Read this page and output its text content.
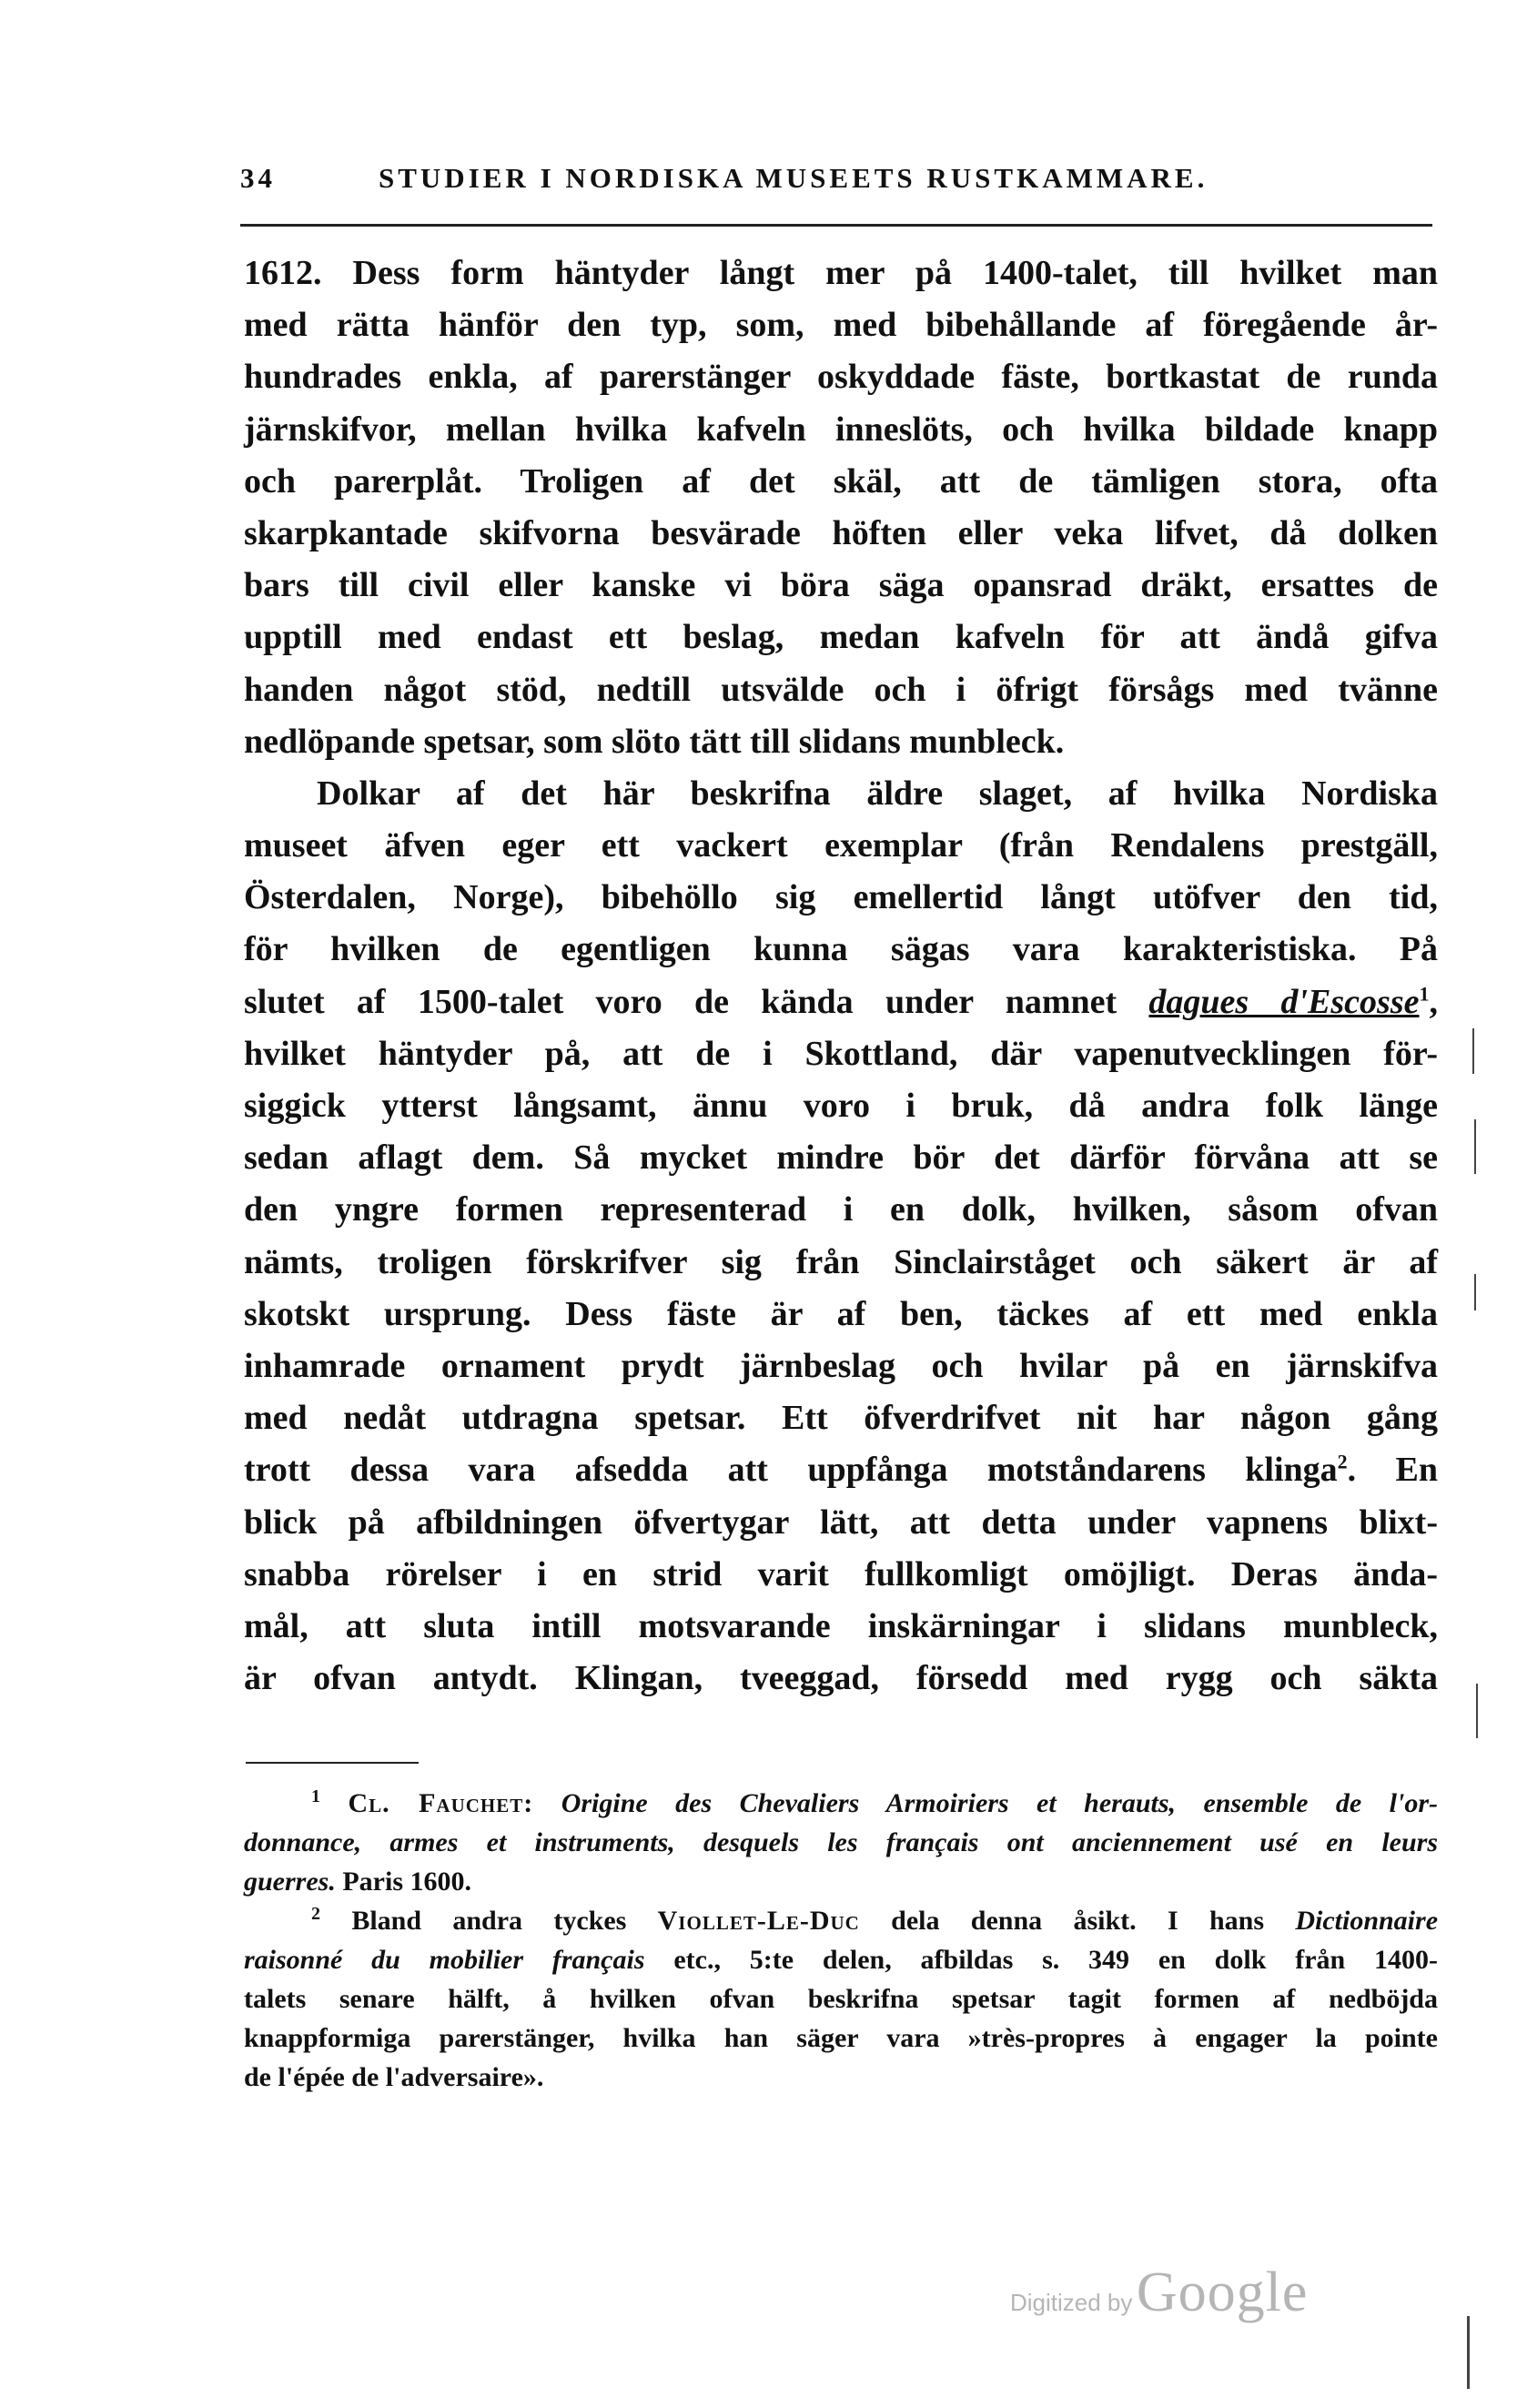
34	STUDIER I NORDISKA MUSEETS RUSTKAMMARE.
1612. Dess form häntyder långt mer på 1400-talet, till hvilket man
med rätta hänför den typ, som, med bibehållande af föregående år-
hundrades enkla, af parerstänger oskyddade fäste, bortkastat de runda
järnskifvor, mellan hvilka kafveln inneslöts, och hvilka bildade knapp
och parerplåt. Troligen af det skäl, att de tämligen stora, ofta
skarpkantade skifvorna besvärade höften eller veka lifvet, då dolken
bars till civil eller kanske vi böra säga opansrad dräkt, ersattes de
upptill med endast ett beslag, medan kafveln för att ändå gifva
handen något stöd, nedtill utsvälde och i öfrigt försågs med tvänne
nedlöpande spetsar, som slöto tätt till slidans munbleck.
Dolkar af det här beskrifna äldre slaget, af hvilka Nordiska
museet äfven eger ett vackert exemplar (från Rendalens prestgäll,
Österdalen, Norge), bibehöllo sig emellertid långt utöfver den tid,
för hvilken de egentligen kunna sägas vara karakteristiska. På
slutet af 1500-talet voro de kända under namnet dagues d'Escosse$^1$,
hvilket häntyder på, att de i Skottland, där vapenutvecklingen för-
siggick ytterst långsamt, ännu voro i bruk, då andra folk länge
sedan aflagt dem. Så mycket mindre bör det därför förvåna att se
den yngre formen representerad i en dolk, hvilken, såsom ofvan
nämts, troligen förskrifver sig från Sinclairståget och säkert är af
skotskt ursprung. Dess fäste är af ben, täckes af ett med enkla
inhamrade ornament prydt järnbeslag och hvilar på en järnskifva
med nedåt utdragna spetsar. Ett öfverdrifvet nit har någon gång
trott dessa vara afsedda att uppfånga motståndarens klinga$^2$. En
blick på afbildningen öfvertygar lätt, att detta under vapnens blixt-
snabba rörelser i en strid varit fullkomligt omöjligt. Deras ända-
mål, att sluta intill motsvarande inskärningar i slidans munbleck,
är ofvan antydt. Klingan, tveeggad, försedd med rygg och säkta
$^1$ Cl. Fauchet: Origine des Chevaliers Armoiriers et herauts, ensemble de l'or-
donnance, armes et instruments, desquels les français ont anciennement usé en leurs
guerres. Paris 1600.
$^2$ Bland andra tyckes Viollet-Le-Duc dela denna åsikt. I hans Dictionnaire
raisonné du mobilier français etc., 5:te delen, afbildas s. 349 en dolk från 1400-
talets senare hälft, å hvilken ofvan beskrifna spetsar tagit formen af nedböjda
knappformiga parerstänger, hvilka han säger vara »très-propres à engager la pointe
de l'épée de l'adversaire».
Digitized by Google
